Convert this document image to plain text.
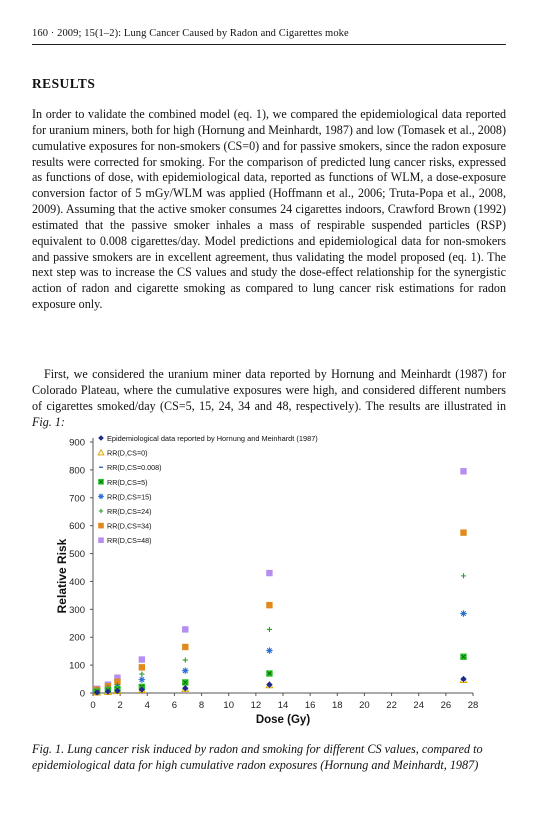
160 · 2009; 15(1–2): Lung Cancer Caused by Radon and Cigarettes moke
RESULTS

In order to validate the combined model (eq. 1), we compared the epidemiological data reported for uranium miners, both for high (Hornung and Meinhardt, 1987) and low (Tomasek et al., 2008) cumulative exposures for non-smokers (CS=0) and for passive smokers, since the radon exposure results were corrected for smoking. For the comparison of predicted lung cancer risks, expressed as functions of dose, with epidemiological data, reported as functions of WLM, a dose-exposure conversion factor of 5 mGy/WLM was applied (Hoffmann et al., 2006; Truta-Popa et al., 2008, 2009). Assuming that the active smoker consumes 24 cigarettes indoors, Crawford Brown (1992) estimated that the passive smoker inhales a mass of respirable suspended particles (RSP) equivalent to 0.008 cigarettes/day. Model predictions and epidemiological data for non-smokers and passive smokers are in excellent agreement, thus validating the model proposed (eq. 1). The next step was to increase the CS values and study the dose-effect relationship for the synergistic action of radon and cigarette smoking as compared to lung cancer risk estimations for radon exposure only.

First, we considered the uranium miner data reported by Hornung and Meinhardt (1987) for Colorado Plateau, where the cumulative exposures were high, and considered different numbers of cigarettes smoked/day (CS=5, 15, 24, 34 and 48, respectively). The results are illustrated in Fig. 1:

0
100
200
300
400
500
600
700
800
900
0 2 4 6 8 10 12 14 16 18 20 22 24 26 28
Epidemiological data reported by Hornung and Meinhardt (1987)
RR(D,CS=0)
RR(D,CS=0.008)
RR(D,CS=5)
RR(D,CS=15)
RR(D,CS=24)
RR(D,CS=34)
RR(D,CS=48)
Relative Risk
Dose (Gy)

Fig. 1. Lung cancer risk induced by radon and smoking for different CS values, compared to epidemiological data for high cumulative radon exposures (Hornung and Meinhardt, 1987)
